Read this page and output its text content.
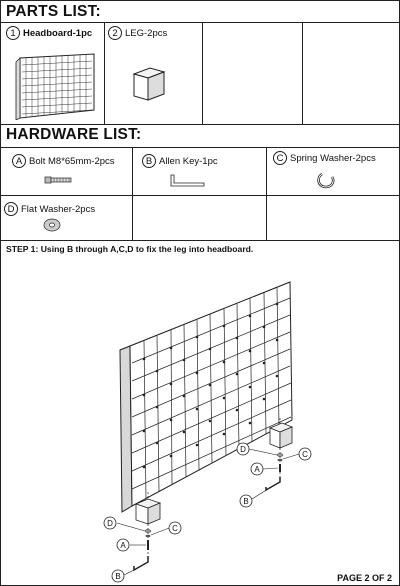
PARTS LIST:
1 Headboard-1pc	2 LEG-2pcs
HARDWARE LIST:
A Bolt M8*65mm-2pcs	B Allen Key-1pc	C Spring Washer-2pcs
D Flat Washer-2pcs
STEP 1: Using B through A,C,D to fix the leg into headboard.
D
C
A
B
D
C
A
B	PAGE 2 OF 2
